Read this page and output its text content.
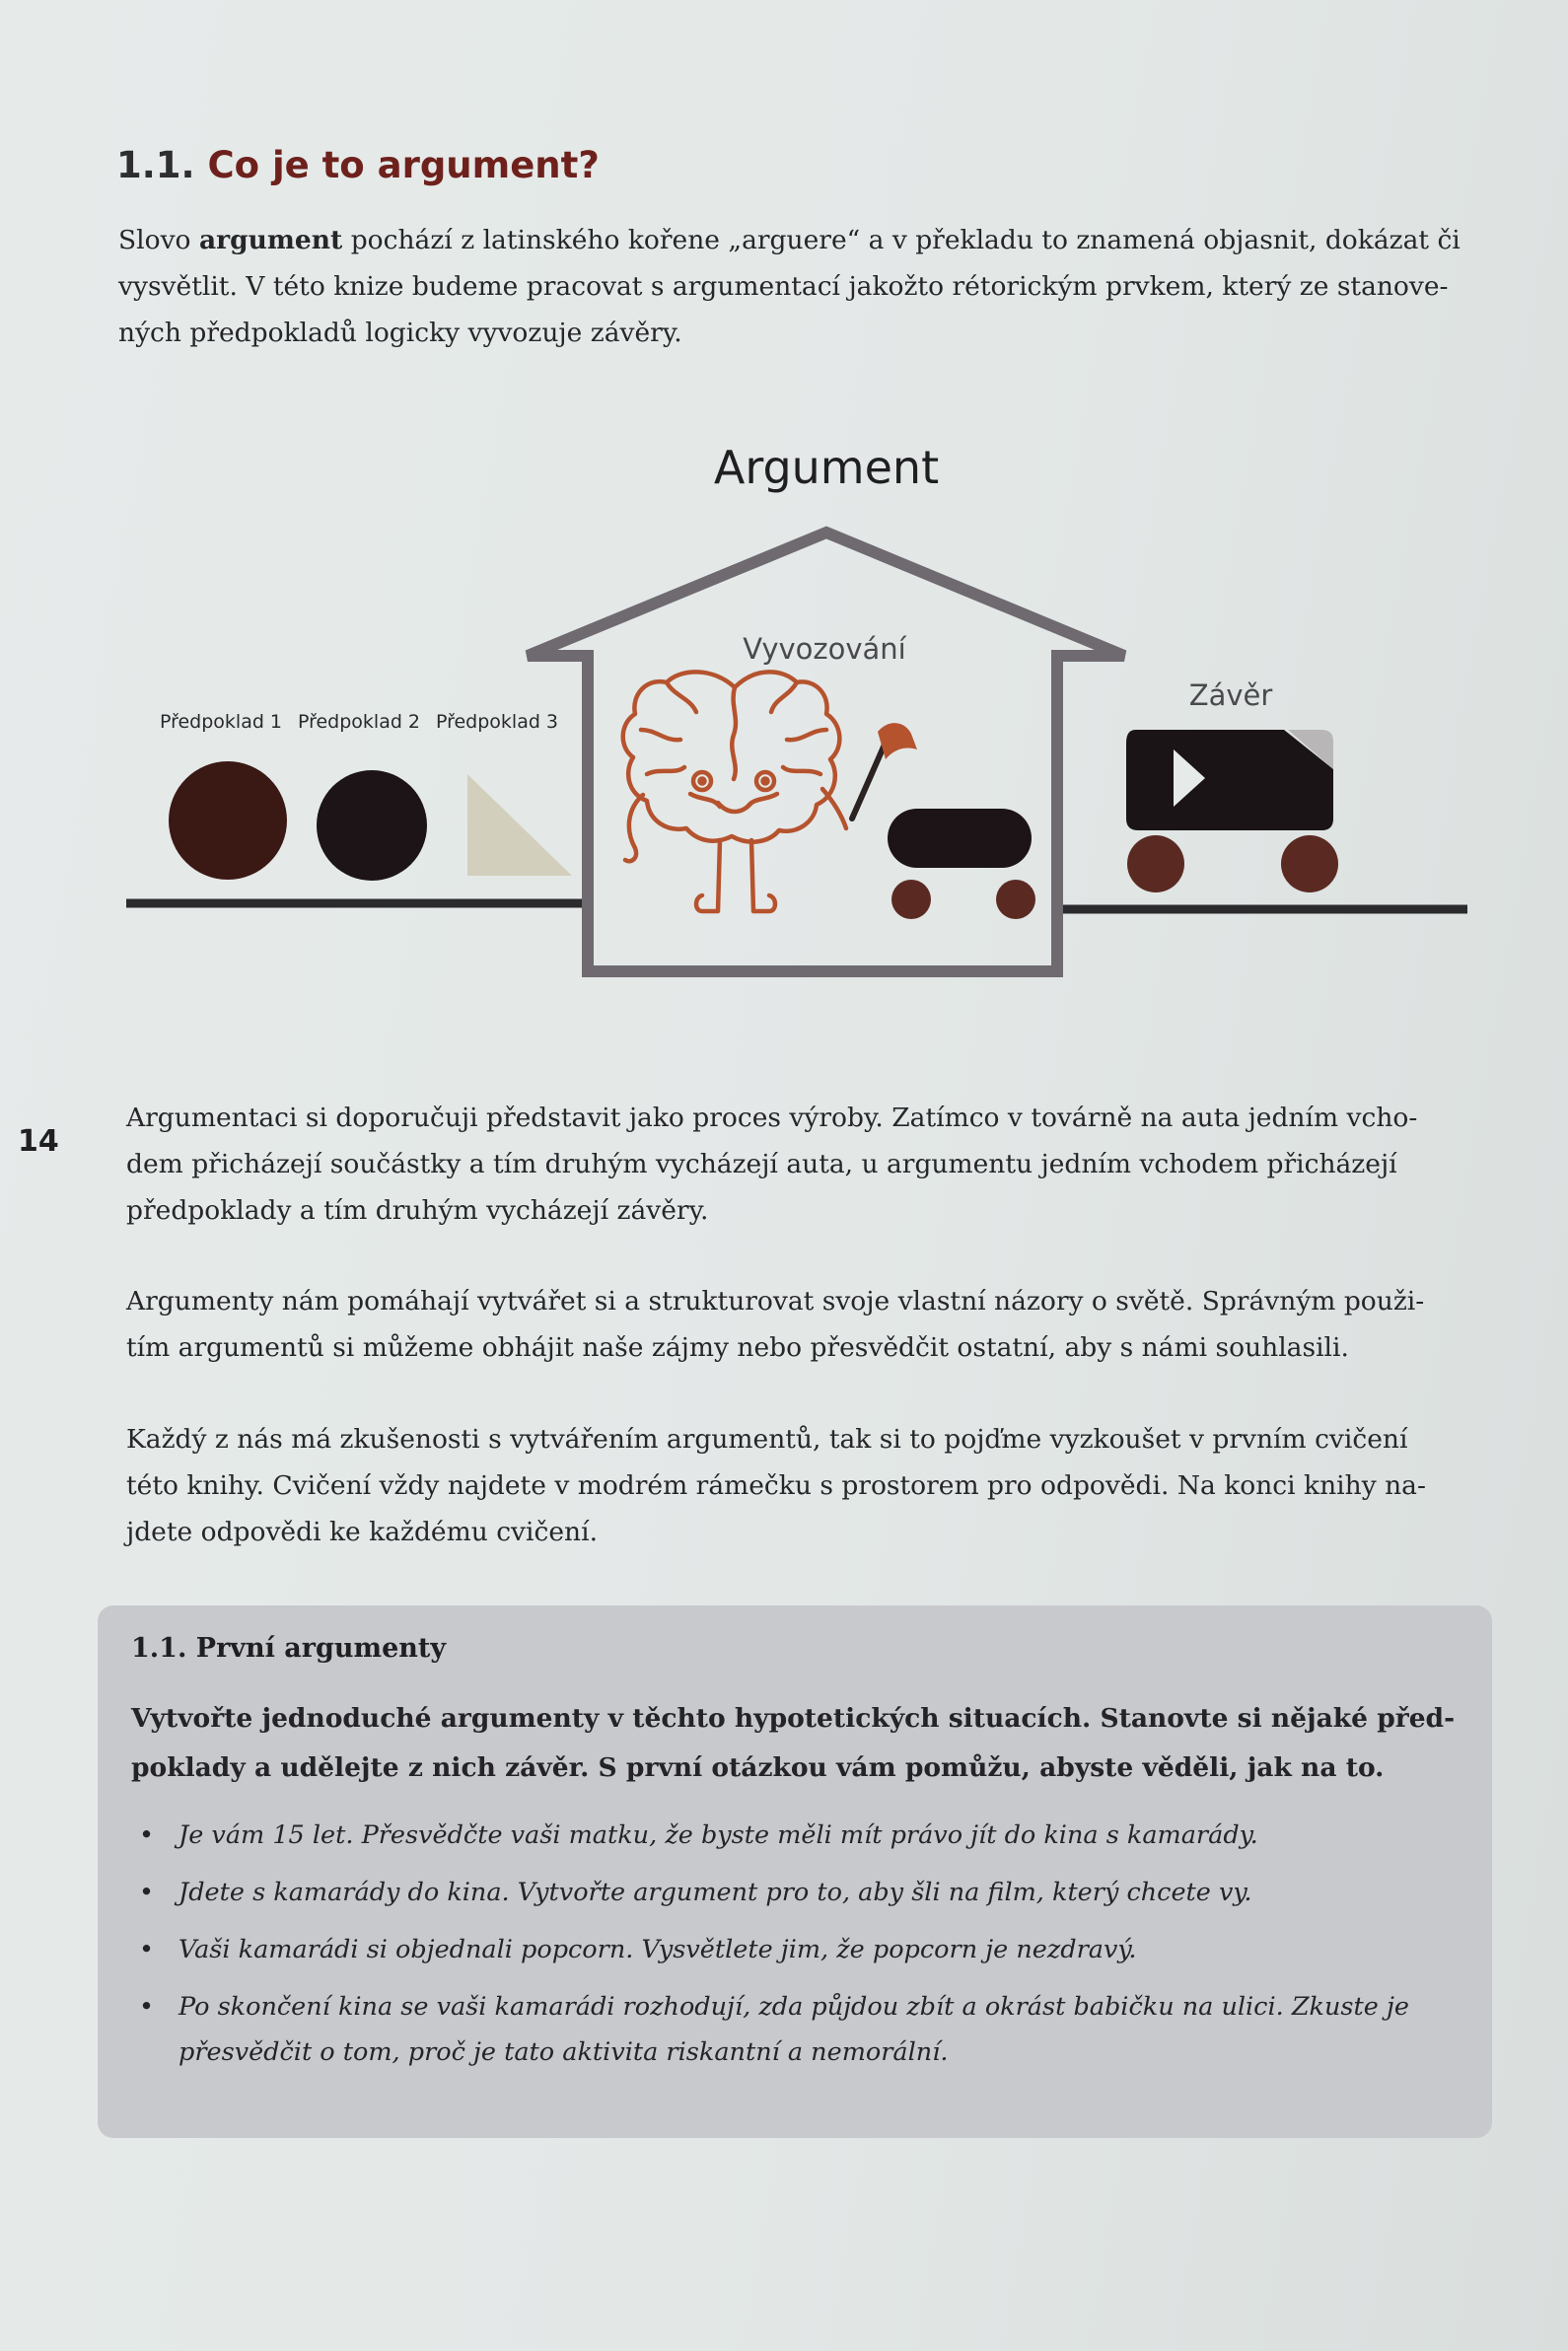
1.1. Co je to argument?
Slovo argument pochází z latinského kořene „arguere“ a v překladu to znamená objasnit, dokázat či
vysvětlit. V této knize budeme pracovat s argumentací jakožto rétorickým prvkem, který ze stanove-
ných předpokladů logicky vyvozuje závěry.
Argument
Vyvozování
Předpoklad 1 Předpoklad 2 Předpoklad 3
Závěr
14
Argumentaci si doporučuji představit jako proces výroby. Zatímco v továrně na auta jedním vcho-
dem přicházejí součástky a tím druhým vycházejí auta, u argumentu jedním vchodem přicházejí
předpoklady a tím druhým vycházejí závěry.
Argumenty nám pomáhají vytvářet si a strukturovat svoje vlastní názory o světě. Správným použi-
tím argumentů si můžeme obhájit naše zájmy nebo přesvědčit ostatní, aby s námi souhlasili.
Každý z nás má zkušenosti s vytvářením argumentů, tak si to pojďme vyzkoušet v prvním cvičení
této knihy. Cvičení vždy najdete v modrém rámečku s prostorem pro odpovědi. Na konci knihy na-
jdete odpovědi ke každému cvičení.
1.1. První argumenty
Vytvořte jednoduché argumenty v těchto hypotetických situacích. Stanovte si nějaké před-
poklady a udělejte z nich závěr. S první otázkou vám pomůžu, abyste věděli, jak na to.
• Je vám 15 let. Přesvědčte vaši matku, že byste měli mít právo jít do kina s kamarády.
• Jdete s kamarády do kina. Vytvořte argument pro to, aby šli na film, který chcete vy.
• Vaši kamarádi si objednali popcorn. Vysvětlete jim, že popcorn je nezdravý.
• Po skončení kina se vaši kamarádi rozhodují, zda půjdou zbít a okrást babičku na ulici. Zkuste je
přesvědčit o tom, proč je tato aktivita riskantní a nemorální.
